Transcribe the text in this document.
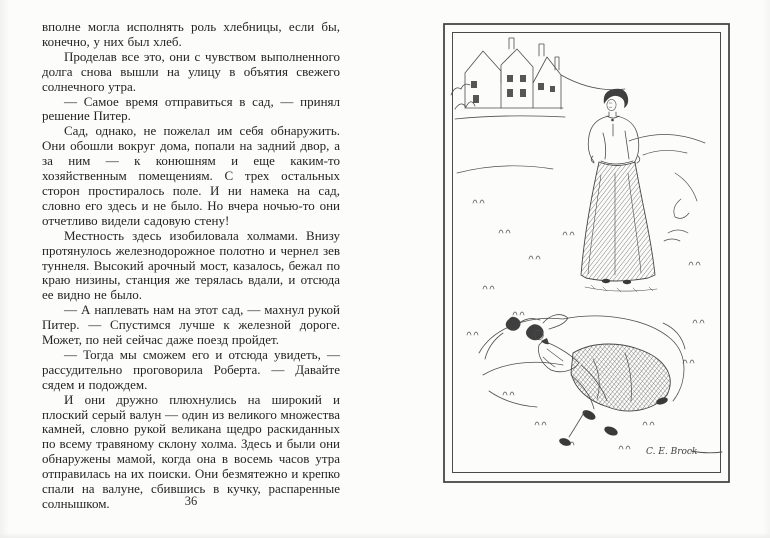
вполне могла исполнять роль хлебницы, если бы, конечно, у них был хлеб.

Проделав все это, они с чувством выполненного долга снова вышли на улицу в объятия свежего солнечного утра.

— Самое время отправиться в сад, — принял решение Питер.

Сад, однако, не пожелал им себя обнаружить. Они обошли вокруг дома, попали на задний двор, а за ним — к конюшням и еще каким-то хозяйственным помещениям. С трех остальных сторон простиралось поле. И ни намека на сад, словно его здесь и не было. Но вчера ночью-то они отчетливо видели садовую стену!

Местность здесь изобиловала холмами. Внизу протянулось железнодорожное полотно и чернел зев туннеля. Высокий арочный мост, казалось, бежал по краю низины, станция же терялась вдали, и отсюда ее видно не было.

— А наплевать нам на этот сад, — махнул рукой Питер. — Спустимся лучше к железной дороге. Может, по ней сейчас даже поезд пройдет.

— Тогда мы сможем его и отсюда увидеть, — рассудительно проговорила Роберта. — Давайте сядем и подождем.

И они дружно плюхнулись на широкий и плоский серый валун — один из великого множества камней, словно рукой великана щедро раскиданных по всему травяному склону холма. Здесь и были они обнаружены мамой, когда она в восемь часов утра отправилась на их поиски. Они безмятежно и крепко спали на валуне, сбившись в кучку, распаренные солнышком.	36
C. E. Brock
